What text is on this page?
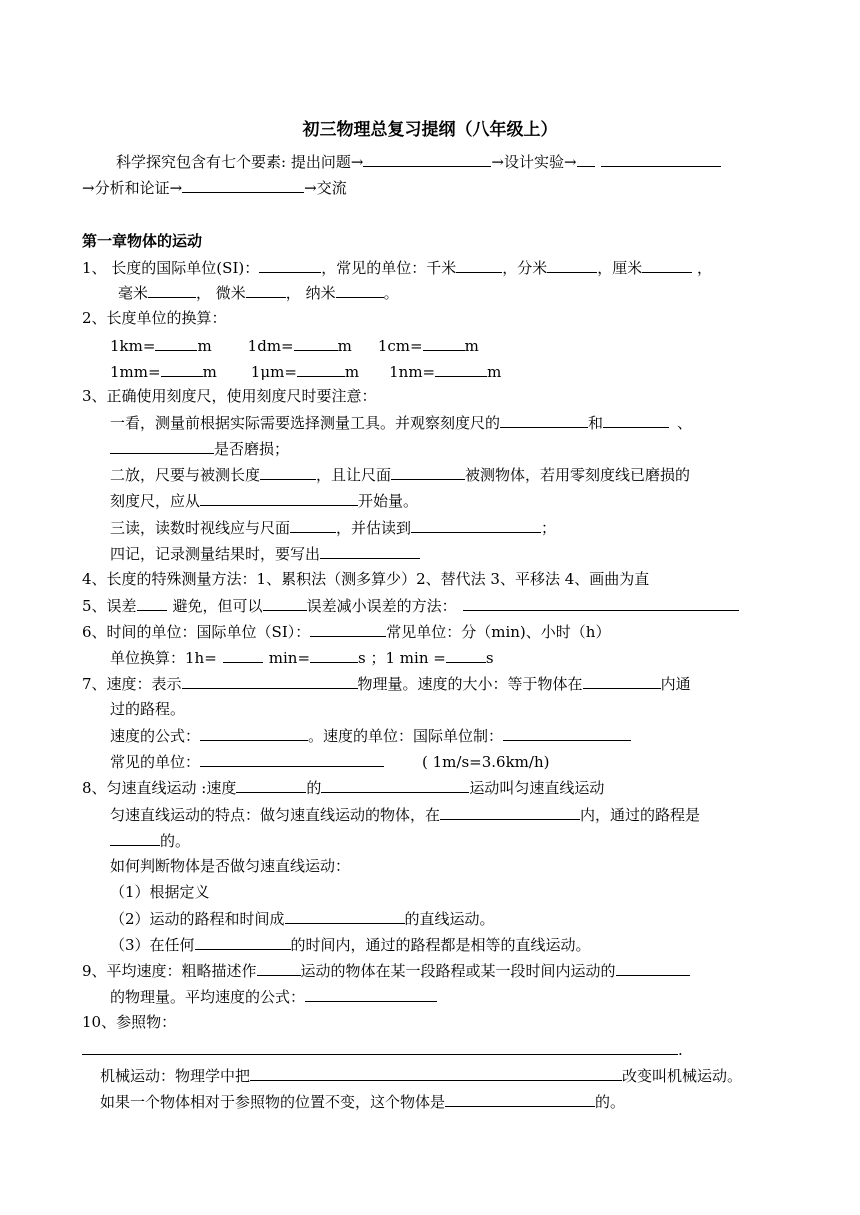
初三物理总复习提纲（八年级上）
科学探究包含有七个要素: 提出问题→	→设计实验→
→分析和论证→	→交流
第一章物体的运动
1、 长度的国际单位(SI)：	，常见的单位：千米	，分米	，厘米	，
毫米	， 微米	， 纳米	。
2、长度单位的换算：
1km=	m 1dm=	m 1cm=	m
1mm=	m 1μm=	m 1nm=	m
3、正确使用刻度尺，使用刻度尺时要注意：
一看，测量前根据实际需要选择测量工具。并观察刻度尺的	和	、
是否磨损；
二放，尺要与被测长度	，且让尺面	被测物体，若用零刻度线已磨损的
刻度尺，应从	开始量。
三读，读数时视线应与尺面	，并估读到	；
四记，记录测量结果时，要写出
4、长度的特殊测量方法：1、累积法（测多算少）2、替代法 3、平移法 4、画曲为直
5、误差 避免，但可以	误差减小误差的方法：
6、时间的单位：国际单位（SI）：	常见单位：分（min)、小时（h）
单位换算：1h=	min=	s ；1 min =	s
7、速度：表示	物理量。速度的大小：等于物体在	内通
过的路程。
速度的公式：	。速度的单位：国际单位制：
常见的单位：	( 1m/s=3.6km/h)
8、匀速直线运动 :速度	的	运动叫匀速直线运动
匀速直线运动的特点：做匀速直线运动的物体，在	内，通过的路程是
的。
如何判断物体是否做匀速直线运动：
（1）根据定义
（2）运动的路程和时间成	的直线运动。
（3）在任何	的时间内，通过的路程都是相等的直线运动。
9、平均速度：粗略描述作	运动的物体在某一段路程或某一段时间内运动的
的物理量。平均速度的公式：
10、参照物：
.
机械运动：物理学中把	改变叫机械运动。
如果一个物体相对于参照物的位置不变，这个物体是	的。
